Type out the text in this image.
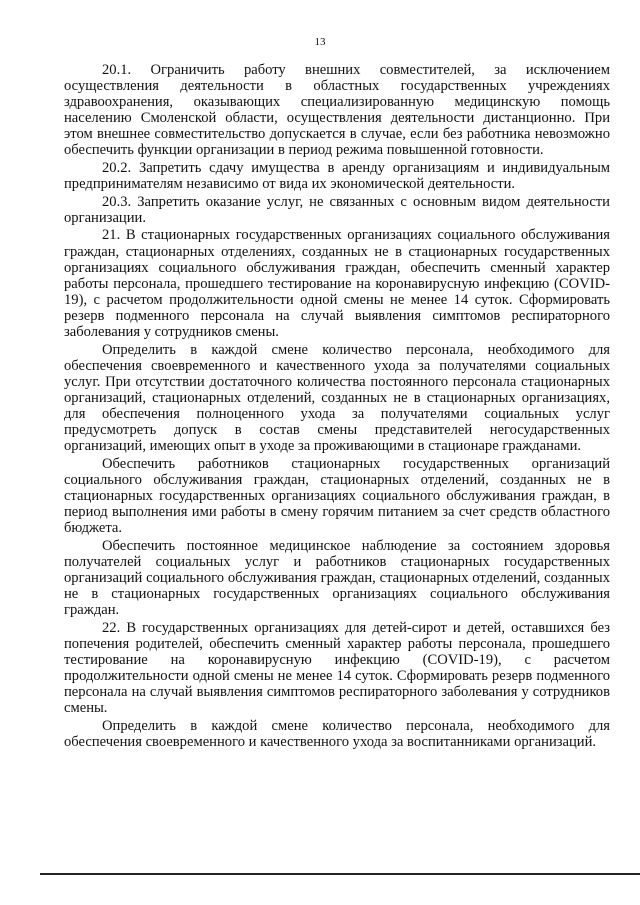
13

20.1. Ограничить работу внешних совместителей, за исключением осуществления деятельности в областных государственных учреждениях здравоохранения, оказывающих специализированную медицинскую помощь населению Смоленской области, осуществления деятельности дистанционно. При этом внешнее совместительство допускается в случае, если без работника невозможно обеспечить функции организации в период режима повышенной готовности.

20.2. Запретить сдачу имущества в аренду организациям и индивидуальным предпринимателям независимо от вида их экономической деятельности.

20.3. Запретить оказание услуг, не связанных с основным видом деятельности организации.

21. В стационарных государственных организациях социального обслуживания граждан, стационарных отделениях, созданных не в стационарных государственных организациях социального обслуживания граждан, обеспечить сменный характер работы персонала, прошедшего тестирование на коронавирусную инфекцию (COVID-19), с расчетом продолжительности одной смены не менее 14 суток. Сформировать резерв подменного персонала на случай выявления симптомов респираторного заболевания у сотрудников смены.

Определить в каждой смене количество персонала, необходимого для обеспечения своевременного и качественного ухода за получателями социальных услуг. При отсутствии достаточного количества постоянного персонала стационарных организаций, стационарных отделений, созданных не в стационарных организациях, для обеспечения полноценного ухода за получателями социальных услуг предусмотреть допуск в состав смены представителей негосударственных организаций, имеющих опыт в уходе за проживающими в стационаре гражданами.

Обеспечить работников стационарных государственных организаций социального обслуживания граждан, стационарных отделений, созданных не в стационарных государственных организациях социального обслуживания граждан, в период выполнения ими работы в смену горячим питанием за счет средств областного бюджета.

Обеспечить постоянное медицинское наблюдение за состоянием здоровья получателей социальных услуг и работников стационарных государственных организаций социального обслуживания граждан, стационарных отделений, созданных не в стационарных государственных организациях социального обслуживания граждан.

22. В государственных организациях для детей-сирот и детей, оставшихся без попечения родителей, обеспечить сменный характер работы персонала, прошедшего тестирование на коронавирусную инфекцию (COVID-19), с расчетом продолжительности одной смены не менее 14 суток. Сформировать резерв подменного персонала на случай выявления симптомов респираторного заболевания у сотрудников смены.

Определить в каждой смене количество персонала, необходимого для обеспечения своевременного и качественного ухода за воспитанниками организаций.
